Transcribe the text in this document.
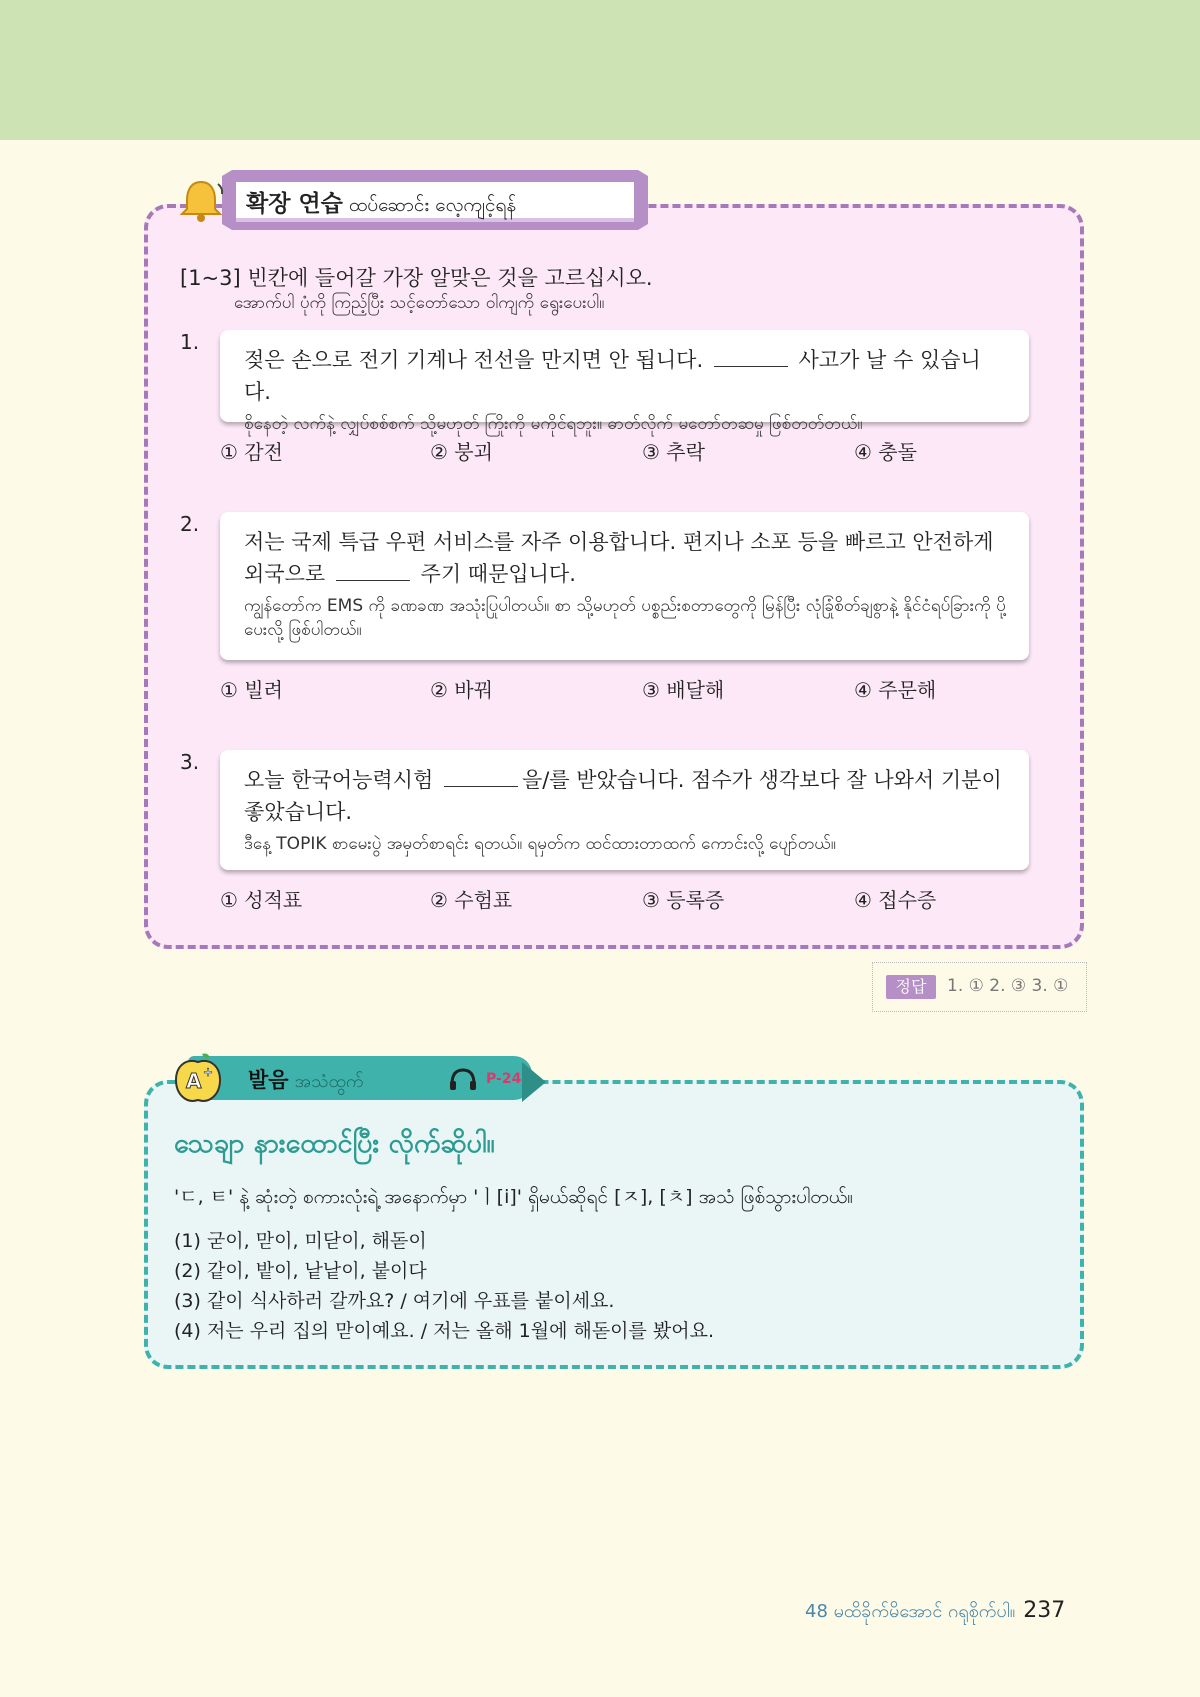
확장 연습 ထပ်ဆောင်း လေ့ကျင့်ရန်
[1~3] 빈칸에 들어갈 가장 알맞은 것을 고르십시오.
အောက်ပါ ပုံကို ကြည့်ပြီး သင့်တော်သော ဝါကျကို ရွေးပေးပါ။
1.
젖은 손으로 전기 기계나 전선을 만지면 안 됩니다.	사고가 날 수 있습니다.
စိုနေတဲ့ လက်နဲ့ လျှပ်စစ်စက် သို့မဟုတ် ကြိုးကို မကိုင်ရဘူး။ ဓာတ်လိုက် မတော်တဆမှု ဖြစ်တတ်တယ်။
① 감전	② 붕괴	③ 추락	④ 충돌
2.
저는 국제 특급 우편 서비스를 자주 이용합니다. 편지나 소포 등을 빠르고 안전하게 외국으로	주기 때문입니다.
ကျွန်တော်က EMS ကို ခဏခဏ အသုံးပြုပါတယ်။ စာ သို့မဟုတ် ပစ္စည်းစတာတွေကို မြန်ပြီး လုံခြုံစိတ်ချစွာနဲ့ နိုင်ငံရပ်ခြားကို ပို့ပေးလို့ ဖြစ်ပါတယ်။
① 빌려	② 바꿔	③ 배달해	④ 주문해
3.
오늘 한국어능력시험	을/를 받았습니다. 점수가 생각보다 잘 나와서 기분이 좋았습니다.
ဒီနေ့ TOPIK စာမေးပွဲ အမှတ်စာရင်း ရတယ်။ ရမှတ်က ထင်ထားတာထက် ကောင်းလို့ ပျော်တယ်။
① 성적표	② 수험표	③ 등록증	④ 접수증
정답	1. ① 2. ③ 3. ①
A + 발음 အသံထွက်	P-24
သေချာ နားထောင်ပြီး လိုက်ဆိုပါ။
'ㄷ, ㅌ' နဲ့ ဆုံးတဲ့ စကားလုံးရဲ့ အနောက်မှာ 'ㅣ[i]' ရှိမယ်ဆိုရင် [ㅈ], [ㅊ] အသံ ဖြစ်သွားပါတယ်။
(1) 굳이, 맏이, 미닫이, 해돋이
(2) 같이, 밭이, 낱낱이, 붙이다
(3) 같이 식사하러 갈까요? / 여기에 우표를 붙이세요.
(4) 저는 우리 집의 맏이예요. / 저는 올해 1월에 해돋이를 봤어요.
48 မထိခိုက်မိအောင် ဂရုစိုက်ပါ။ 237
